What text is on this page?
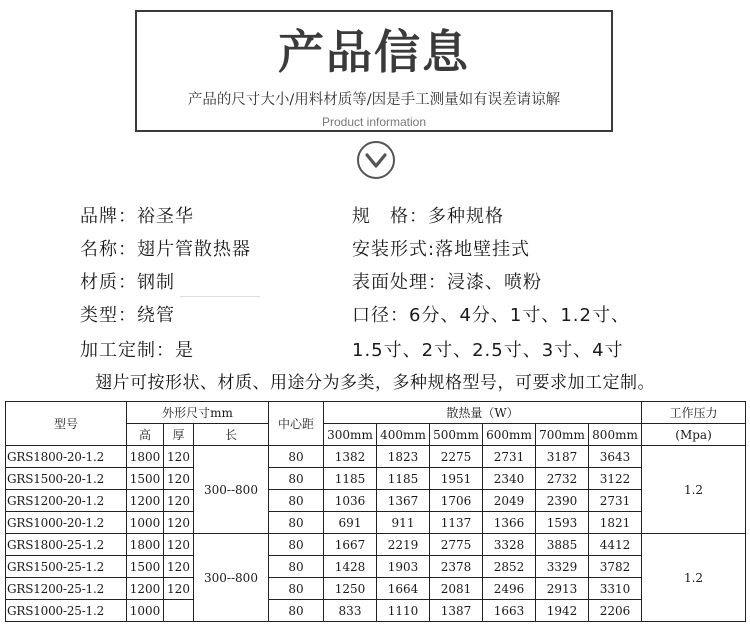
产品信息
产品的尺寸大小/用料材质等/因是手工测量如有误差请谅解
Product information
品牌：裕圣华
名称：翅片管散热器
材质：钢制
类型：绕管
加工定制：是
规　格：多种规格
安装形式:落地壁挂式
表面处理：浸漆、喷粉
口径：6分、4分、1寸、1.2寸、
1.5寸、2寸、2.5寸、3寸、4寸
翅片可按形状、材质、用途分为多类，多种规格型号，可要求加工定制。
型号	外形尺寸mm			中心距	散热量（W）						工作压力
	高	厚	长		300mm	400mm	500mm	600mm	700mm	800mm	(Mpa)
GRS1800-20-1.2	1800	120	300--800	80	1382	1823	2275	2731	3187	3643	1.2
GRS1500-20-1.2	1500	120		80	1185	1185	1951	2340	2732	3122	
GRS1200-20-1.2	1200	120		80	1036	1367	1706	2049	2390	2731	
GRS1000-20-1.2	1000	120		80	691	911	1137	1366	1593	1821	
GRS1800-25-1.2	1800	120	300--800	80	1667	2219	2775	3328	3885	4412	1.2
GRS1500-25-1.2	1500	120		80	1428	1903	2378	2852	3329	3782	
GRS1200-25-1.2	1200	120		80	1250	1664	2081	2496	2913	3310	
GRS1000-25-1.2	1000			80	833	1110	1387	1663	1942	2206	
